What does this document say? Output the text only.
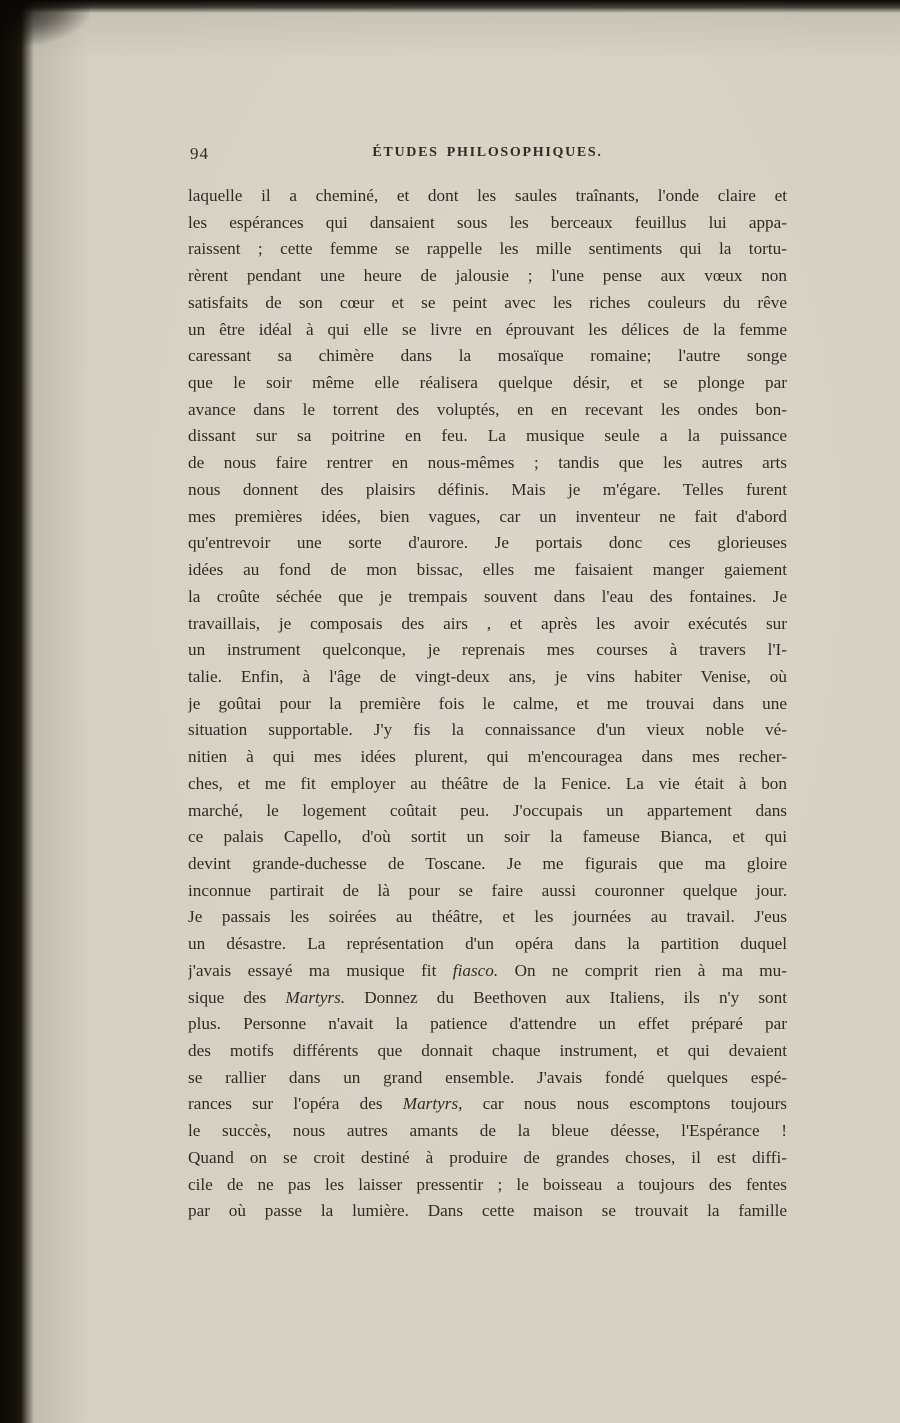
94	ÉTUDES PHILOSOPHIQUES.
laquelle il a cheminé, et dont les saules traînants, l'onde claire et
les espérances qui dansaient sous les berceaux feuillus lui appa-
raissent ; cette femme se rappelle les mille sentiments qui la tortu-
rèrent pendant une heure de jalousie ; l'une pense aux vœux non
satisfaits de son cœur et se peint avec les riches couleurs du rêve
un être idéal à qui elle se livre en éprouvant les délices de la femme
caressant sa chimère dans la mosaïque romaine; l'autre songe
que le soir même elle réalisera quelque désir, et se plonge par
avance dans le torrent des voluptés, en en recevant les ondes bon-
dissant sur sa poitrine en feu. La musique seule a la puissance
de nous faire rentrer en nous-mêmes ; tandis que les autres arts
nous donnent des plaisirs définis. Mais je m'égare. Telles furent
mes premières idées, bien vagues, car un inventeur ne fait d'abord
qu'entrevoir une sorte d'aurore. Je portais donc ces glorieuses
idées au fond de mon bissac, elles me faisaient manger gaiement
la croûte séchée que je trempais souvent dans l'eau des fontaines. Je
travaillais, je composais des airs , et après les avoir exécutés sur
un instrument quelconque, je reprenais mes courses à travers l'I-
talie. Enfin, à l'âge de vingt-deux ans, je vins habiter Venise, où
je goûtai pour la première fois le calme, et me trouvai dans une
situation supportable. J'y fis la connaissance d'un vieux noble vé-
nitien à qui mes idées plurent, qui m'encouragea dans mes recher-
ches, et me fit employer au théâtre de la Fenice. La vie était à bon
marché, le logement coûtait peu. J'occupais un appartement dans
ce palais Capello, d'où sortit un soir la fameuse Bianca, et qui
devint grande-duchesse de Toscane. Je me figurais que ma gloire
inconnue partirait de là pour se faire aussi couronner quelque jour.
Je passais les soirées au théâtre, et les journées au travail. J'eus
un désastre. La représentation d'un opéra dans la partition duquel
j'avais essayé ma musique fit fiasco. On ne comprit rien à ma mu-
sique des Martyrs. Donnez du Beethoven aux Italiens, ils n'y sont
plus. Personne n'avait la patience d'attendre un effet préparé par
des motifs différents que donnait chaque instrument, et qui devaient
se rallier dans un grand ensemble. J'avais fondé quelques espé-
rances sur l'opéra des Martyrs, car nous nous escomptons toujours
le succès, nous autres amants de la bleue déesse, l'Espérance !
Quand on se croit destiné à produire de grandes choses, il est diffi-
cile de ne pas les laisser pressentir ; le boisseau a toujours des fentes
par où passe la lumière. Dans cette maison se trouvait la famille
